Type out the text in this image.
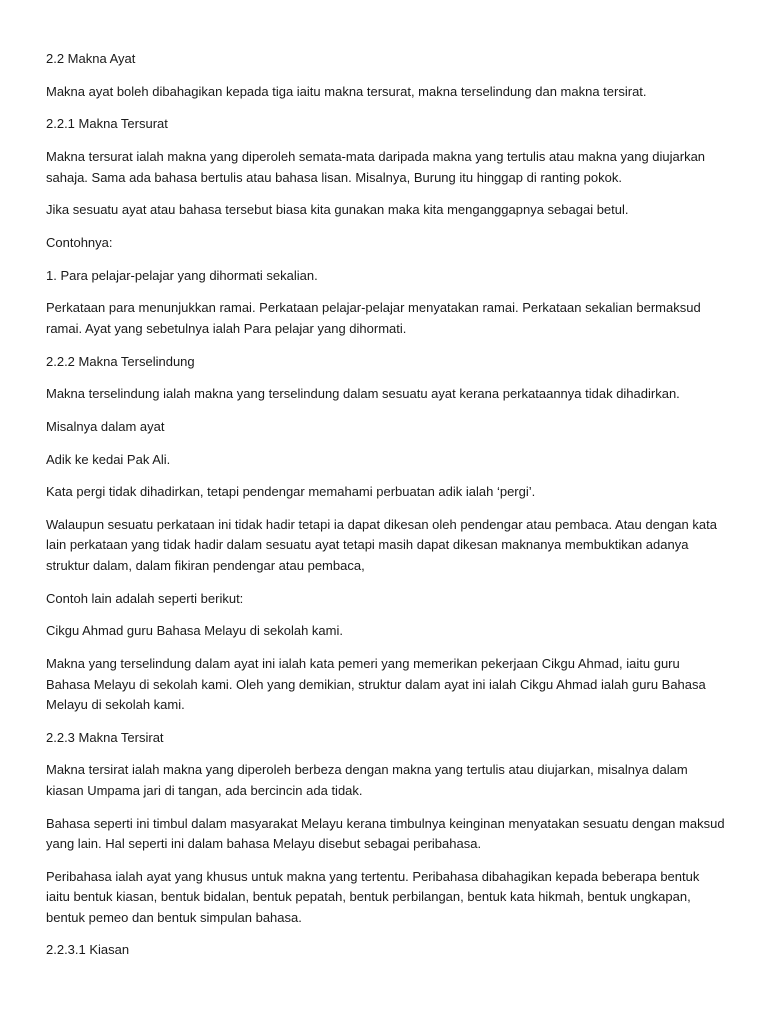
2.2 Makna Ayat

Makna ayat boleh dibahagikan kepada tiga iaitu makna tersurat, makna terselindung dan makna tersirat.

2.2.1 Makna Tersurat

Makna tersurat ialah makna yang diperoleh semata-mata daripada makna yang tertulis atau makna yang diujarkan sahaja. Sama ada bahasa bertulis atau bahasa lisan. Misalnya, Burung itu hinggap di ranting pokok.

Jika sesuatu ayat atau bahasa tersebut biasa kita gunakan maka kita menganggapnya sebagai betul.

Contohnya:

1. Para pelajar-pelajar yang dihormati sekalian.

Perkataan para menunjukkan ramai. Perkataan pelajar-pelajar menyatakan ramai. Perkataan sekalian bermaksud ramai. Ayat yang sebetulnya ialah Para pelajar yang dihormati.

2.2.2 Makna Terselindung

Makna terselindung ialah makna yang terselindung dalam sesuatu ayat kerana perkataannya tidak dihadirkan.

Misalnya dalam ayat

Adik ke kedai Pak Ali.

Kata pergi tidak dihadirkan, tetapi pendengar memahami perbuatan adik ialah ‘pergi’.

Walaupun sesuatu perkataan ini tidak hadir tetapi ia dapat dikesan oleh pendengar atau pembaca. Atau dengan kata lain perkataan yang tidak hadir dalam sesuatu ayat tetapi masih dapat dikesan maknanya membuktikan adanya struktur dalam, dalam fikiran pendengar atau pembaca,

Contoh lain adalah seperti berikut:

Cikgu Ahmad guru Bahasa Melayu di sekolah kami.

Makna yang terselindung dalam ayat ini ialah kata pemeri yang memerikan pekerjaan Cikgu Ahmad, iaitu guru Bahasa Melayu di sekolah kami. Oleh yang demikian, struktur dalam ayat ini ialah Cikgu Ahmad ialah guru Bahasa Melayu di sekolah kami.

2.2.3 Makna Tersirat

Makna tersirat ialah makna yang diperoleh berbeza dengan makna yang tertulis atau diujarkan, misalnya dalam kiasan Umpama jari di tangan, ada bercincin ada tidak.

Bahasa seperti ini timbul dalam masyarakat Melayu kerana timbulnya keinginan menyatakan sesuatu dengan maksud yang lain. Hal seperti ini dalam bahasa Melayu disebut sebagai peribahasa.

Peribahasa ialah ayat yang khusus untuk makna yang tertentu. Peribahasa dibahagikan kepada beberapa bentuk iaitu bentuk kiasan, bentuk bidalan, bentuk pepatah, bentuk perbilangan, bentuk kata hikmah, bentuk ungkapan, bentuk pemeo dan bentuk simpulan bahasa.

2.2.3.1 Kiasan
